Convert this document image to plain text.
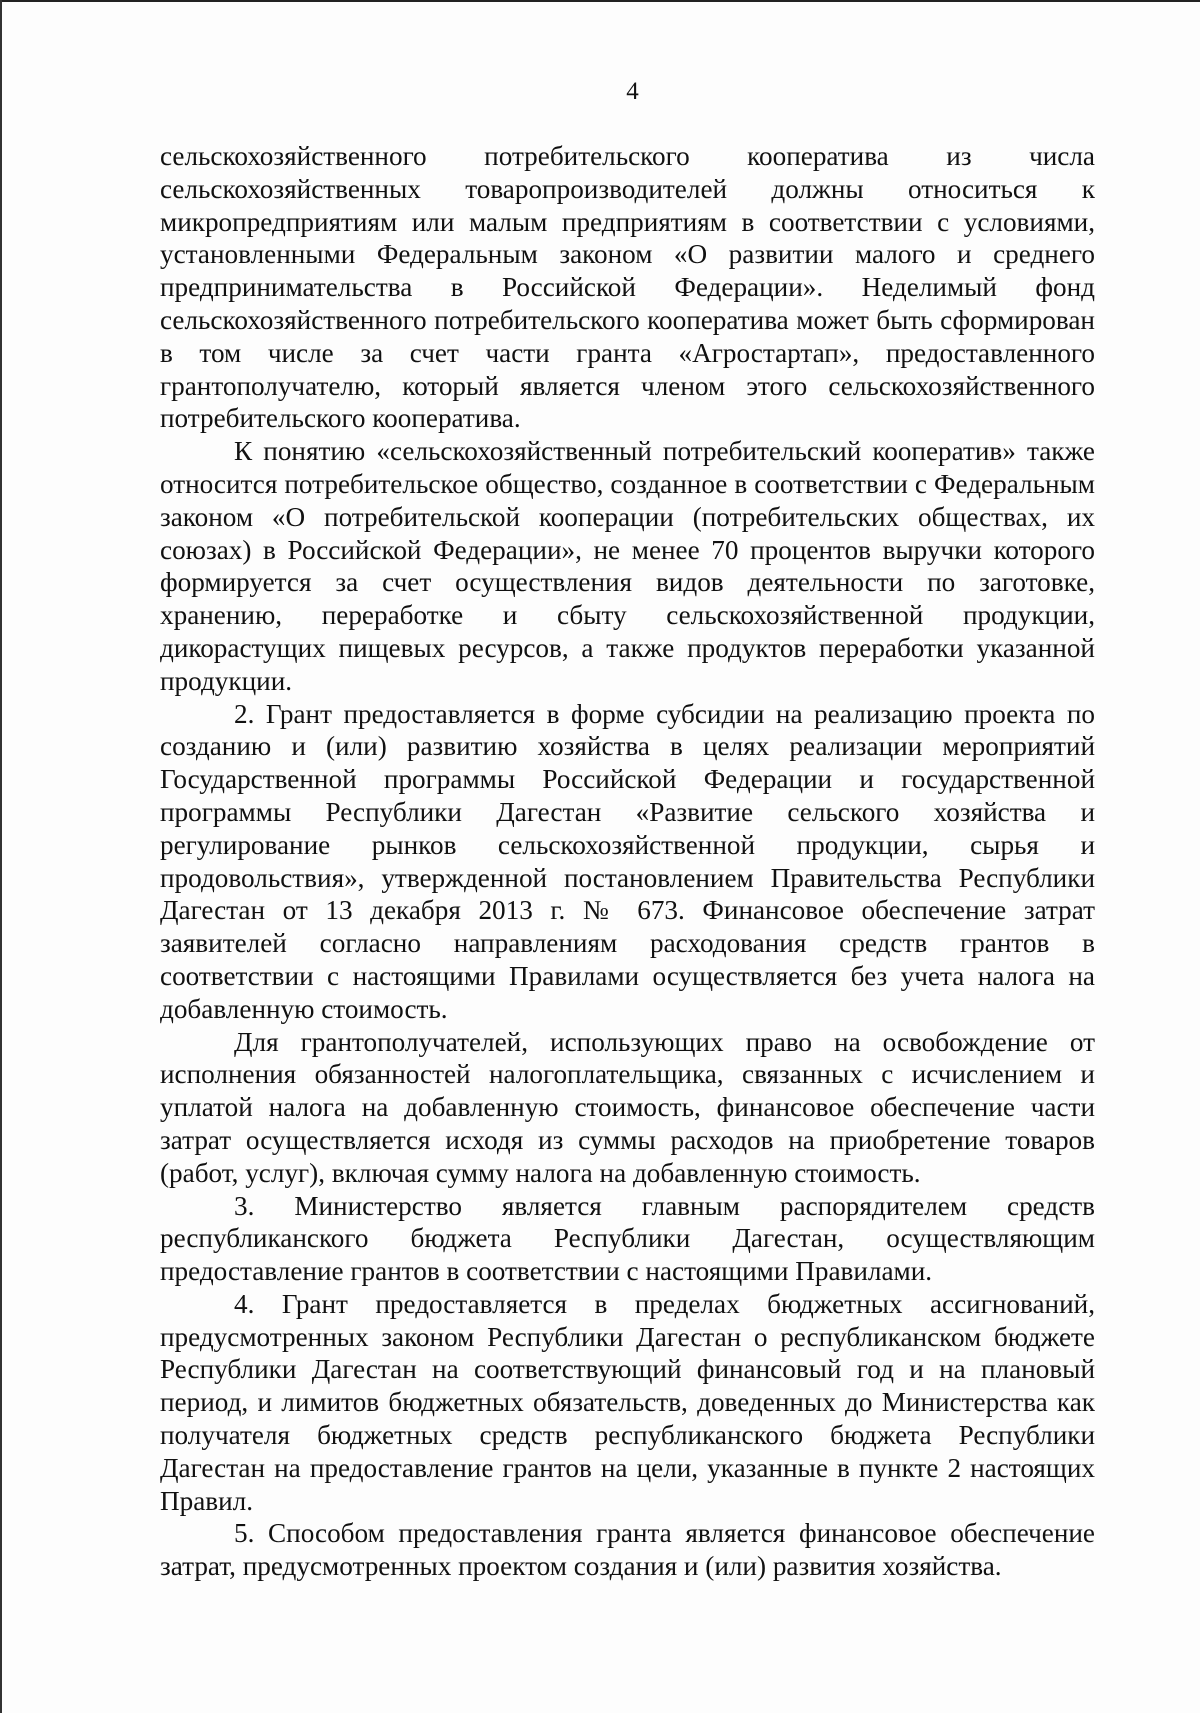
4

сельскохозяйственного потребительского кооператива из числа сельскохозяйственных товаропроизводителей должны относиться к микропредприятиям или малым предприятиям в соответствии с условиями, установленными Федеральным законом «О развитии малого и среднего предпринимательства в Российской Федерации». Неделимый фонд сельскохозяйственного потребительского кооператива может быть сформирован в том числе за счет части гранта «Агростартап», предоставленного грантополучателю, который является членом этого сельскохозяйственного потребительского кооператива.

К понятию «сельскохозяйственный потребительский кооператив» также относится потребительское общество, созданное в соответствии с Федеральным законом «О потребительской кооперации (потребительских обществах, их союзах) в Российской Федерации», не менее 70 процентов выручки которого формируется за счет осуществления видов деятельности по заготовке, хранению, переработке и сбыту сельскохозяйственной продукции, дикорастущих пищевых ресурсов, а также продуктов переработки указанной продукции.

2. Грант предоставляется в форме субсидии на реализацию проекта по созданию и (или) развитию хозяйства в целях реализации мероприятий Государственной программы Российской Федерации и государственной программы Республики Дагестан «Развитие сельского хозяйства и регулирование рынков сельскохозяйственной продукции, сырья и продовольствия», утвержденной постановлением Правительства Республики Дагестан от 13 декабря 2013 г. № 673. Финансовое обеспечение затрат заявителей согласно направлениям расходования средств грантов в соответствии с настоящими Правилами осуществляется без учета налога на добавленную стоимость.

Для грантополучателей, использующих право на освобождение от исполнения обязанностей налогоплательщика, связанных с исчислением и уплатой налога на добавленную стоимость, финансовое обеспечение части затрат осуществляется исходя из суммы расходов на приобретение товаров (работ, услуг), включая сумму налога на добавленную стоимость.

3. Министерство является главным распорядителем средств республиканского бюджета Республики Дагестан, осуществляющим предоставление грантов в соответствии с настоящими Правилами.

4. Грант предоставляется в пределах бюджетных ассигнований, предусмотренных законом Республики Дагестан о республиканском бюджете Республики Дагестан на соответствующий финансовый год и на плановый период, и лимитов бюджетных обязательств, доведенных до Министерства как получателя бюджетных средств республиканского бюджета Республики Дагестан на предоставление грантов на цели, указанные в пункте 2 настоящих Правил.

5. Способом предоставления гранта является финансовое обеспечение затрат, предусмотренных проектом создания и (или) развития хозяйства.
